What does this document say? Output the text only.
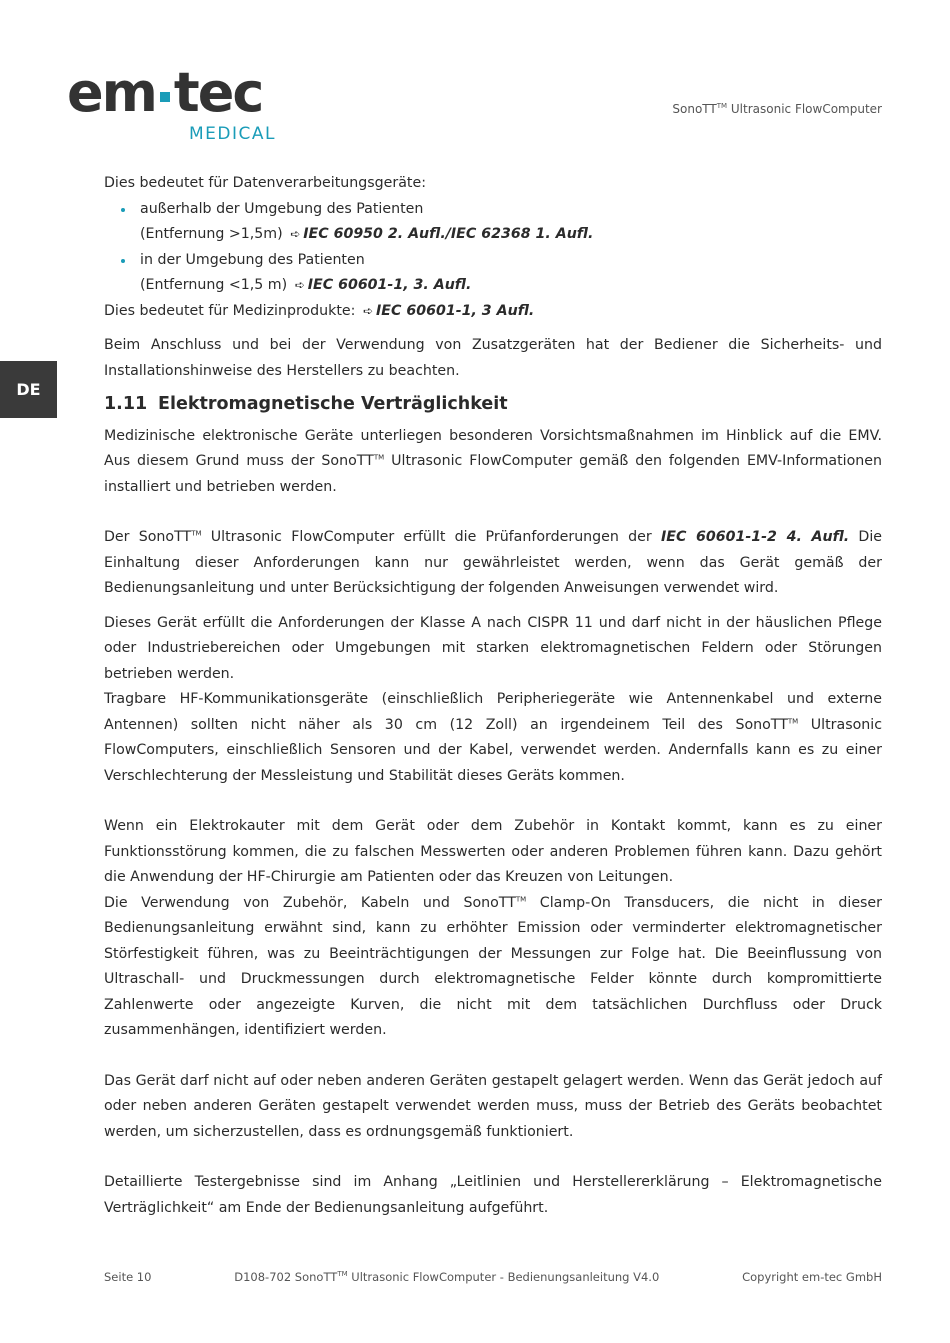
em tec
MEDICAL
SonoTT™ Ultrasonic FlowComputer
DE

Dies bedeutet für Datenverarbeitungsgeräte:

außerhalb der Umgebung des Patienten
(Entfernung >1,5m) ➪ IEC 60950 2. Aufl./IEC 62368 1. Aufl.
in der Umgebung des Patienten
(Entfernung <1,5 m) ➪ IEC 60601-1, 3. Aufl.

Dies bedeutet für Medizinprodukte: ➪ IEC 60601-1, 3 Aufl.

Beim Anschluss und bei der Verwendung von Zusatzgeräten hat der Bediener die Sicherheits- und Installationshinweise des Herstellers zu beachten.

1.11 Elektromagnetische Verträglichkeit

Medizinische elektronische Geräte unterliegen besonderen Vorsichtsmaßnahmen im Hinblick auf die EMV. Aus diesem Grund muss der SonoTT™ Ultrasonic FlowComputer gemäß den folgenden EMV-Informationen installiert und betrieben werden.

Der SonoTT™ Ultrasonic FlowComputer erfüllt die Prüfanforderungen der IEC 60601-1-2 4. Aufl. Die Einhaltung dieser Anforderungen kann nur gewährleistet werden, wenn das Gerät gemäß der Bedienungsanleitung und unter Berücksichtigung der folgenden Anweisungen verwendet wird.

Dieses Gerät erfüllt die Anforderungen der Klasse A nach CISPR 11 und darf nicht in der häuslichen Pflege oder Industriebereichen oder Umgebungen mit starken elektromagnetischen Feldern oder Störungen betrieben werden.

Tragbare HF-Kommunikationsgeräte (einschließlich Peripheriegeräte wie Antennenkabel und externe Antennen) sollten nicht näher als 30 cm (12 Zoll) an irgendeinem Teil des SonoTT™ Ultrasonic FlowComputers, einschließlich Sensoren und der Kabel, verwendet werden. Andernfalls kann es zu einer Verschlechterung der Messleistung und Stabilität dieses Geräts kommen.

Wenn ein Elektrokauter mit dem Gerät oder dem Zubehör in Kontakt kommt, kann es zu einer Funktionsstörung kommen, die zu falschen Messwerten oder anderen Problemen führen kann. Dazu gehört die Anwendung der HF-Chirurgie am Patienten oder das Kreuzen von Leitungen.

Die Verwendung von Zubehör, Kabeln und SonoTT™ Clamp-On Transducers, die nicht in dieser Bedienungsanleitung erwähnt sind, kann zu erhöhter Emission oder verminderter elektromagnetischer Störfestigkeit führen, was zu Beeinträchtigungen der Messungen zur Folge hat. Die Beeinflussung von Ultraschall- und Druckmessungen durch elektromagnetische Felder könnte durch kompromittierte Zahlenwerte oder angezeigte Kurven, die nicht mit dem tatsächlichen Durchfluss oder Druck zusammenhängen, identifiziert werden.

Das Gerät darf nicht auf oder neben anderen Geräten gestapelt gelagert werden. Wenn das Gerät jedoch auf oder neben anderen Geräten gestapelt verwendet werden muss, muss der Betrieb des Geräts beobachtet werden, um sicherzustellen, dass es ordnungsgemäß funktioniert.

Detaillierte Testergebnisse sind im Anhang „Leitlinien und Herstellererklärung – Elektromagnetische Verträglichkeit“ am Ende der Bedienungsanleitung aufgeführt.

Seite 10	D108-702 SonoTT™ Ultrasonic FlowComputer - Bedienungsanleitung V4.0	Copyright em-tec GmbH
